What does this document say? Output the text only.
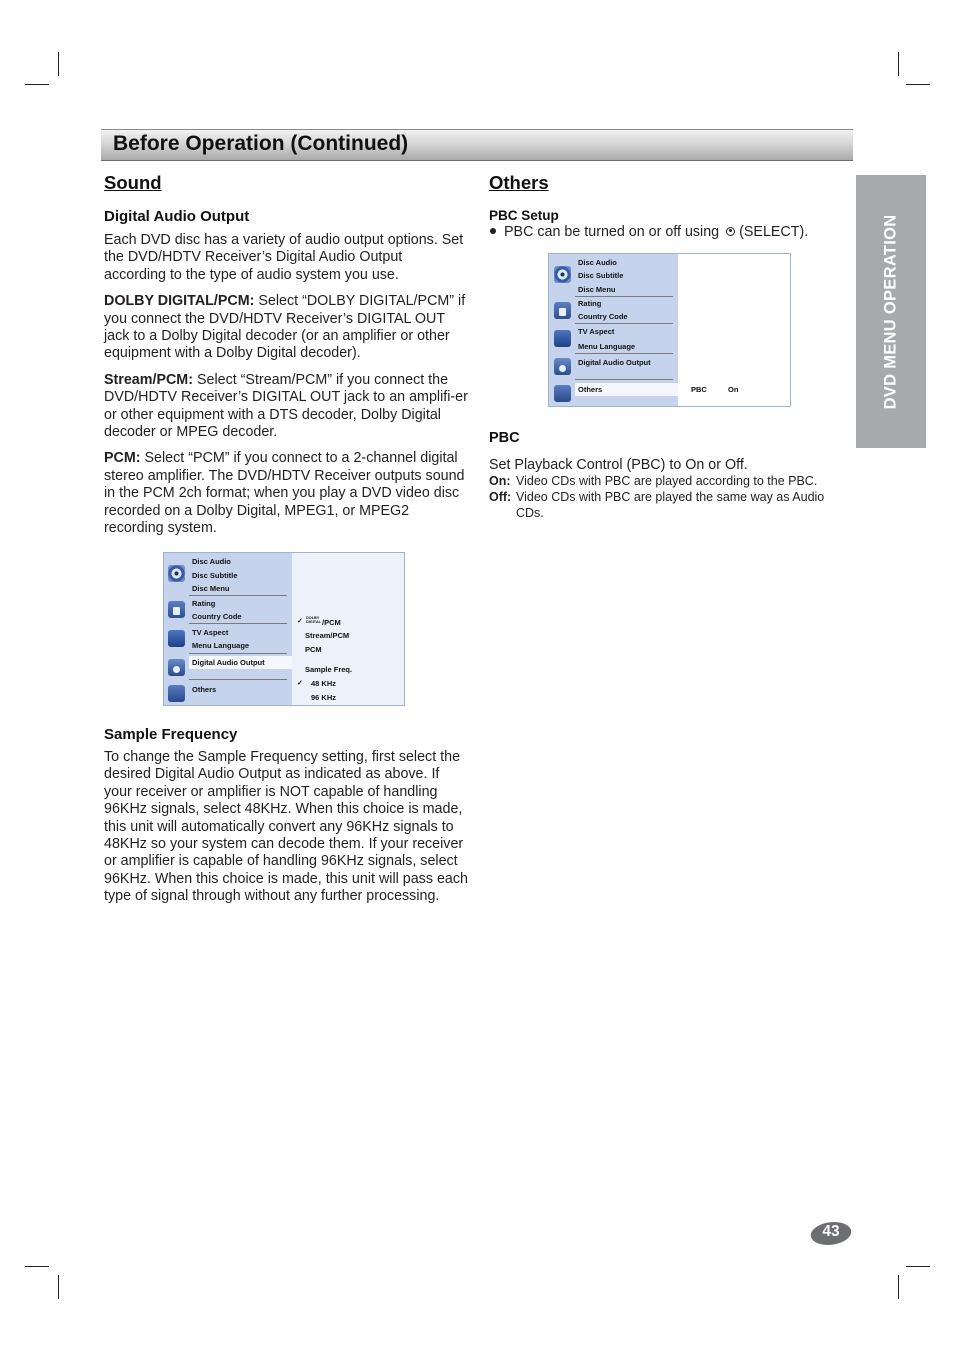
Before Operation (Continued)
DVD MENU OPERATION
Sound
Digital Audio Output

Each DVD disc has a variety of audio output options. Set the DVD/HDTV Receiver’s Digital Audio Output according to the type of audio system you use.

DOLBY DIGITAL/PCM: Select “DOLBY DIGITAL/PCM” if you connect the DVD/HDTV Receiver’s DIGITAL OUT jack to a Dolby Digital decoder (or an amplifier or other equipment with a Dolby Digital decoder).

Stream/PCM: Select “Stream/PCM” if you connect the DVD/HDTV Receiver’s DIGITAL OUT jack to an amplifi-er or other equipment with a DTS decoder, Dolby Digital decoder or MPEG decoder.

PCM: Select “PCM” if you connect to a 2-channel digital stereo amplifier. The DVD/HDTV Receiver outputs sound in the PCM 2ch format; when you play a DVD video disc recorded on a Dolby Digital, MPEG1, or MPEG2 recording system.

Disc Audio
Disc Subtitle
Disc Menu
Rating
Country Code
TV Aspect
Menu Language
Digital Audio Output
Others
✓ DOLBY
DIGITAL /PCM
Stream/PCM
PCM
Sample Freq.
✓ 48 KHz
96 KHz
Sample Frequency

To change the Sample Frequency setting, first select the desired Digital Audio Output as indicated as above. If your receiver or amplifier is NOT capable of handling 96KHz signals, select 48KHz. When this choice is made, this unit will automatically convert any 96KHz signals to 48KHz so your system can decode them. If your receiver or amplifier is capable of handling 96KHz signals, select 96KHz. When this choice is made, this unit will pass each type of signal through without any further processing.

Others
PBC Setup

PBC can be turned on or off using (SELECT).

Disc Audio
Disc Subtitle
Disc Menu
Rating
Country Code
TV Aspect
Menu Language
Digital Audio Output
Others	PBC	On
PBC

Set Playback Control (PBC) to On or Off.

On: Video CDs with PBC are played according to the PBC.
Off: Video CDs with PBC are played the same way as Audio CDs.
43
